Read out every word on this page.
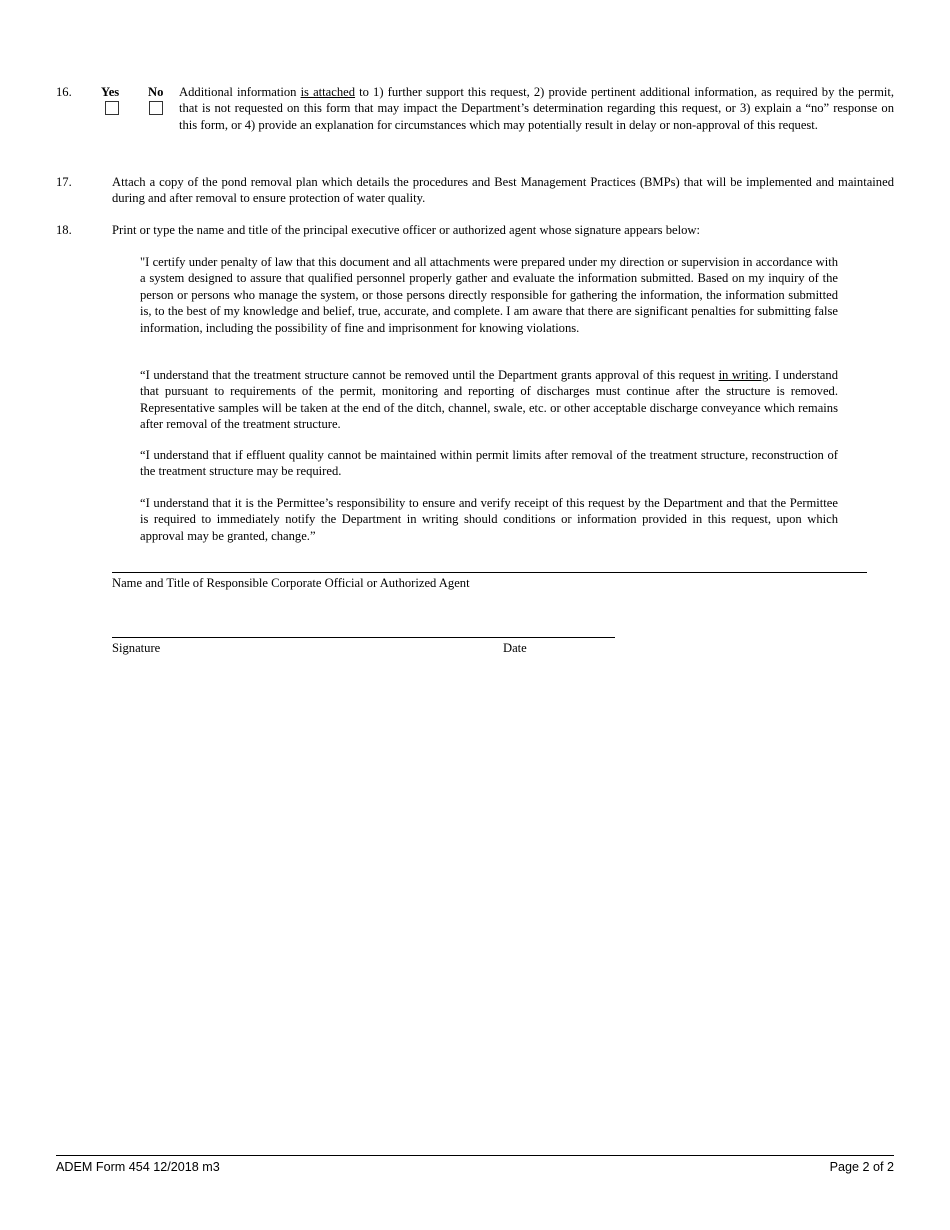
16. Yes No Additional information is attached to 1) further support this request, 2) provide pertinent additional information, as required by the permit, that is not requested on this form that may impact the Department’s determination regarding this request, or 3) explain a “no” response on this form, or 4) provide an explanation for circumstances which may potentially result in delay or non-approval of this request.
17.	Attach a copy of the pond removal plan which details the procedures and Best Management Practices (BMPs) that will be implemented and maintained during and after removal to ensure protection of water quality.
18.	Print or type the name and title of the principal executive officer or authorized agent whose signature appears below:
"I certify under penalty of law that this document and all attachments were prepared under my direction or supervision in accordance with a system designed to assure that qualified personnel properly gather and evaluate the information submitted. Based on my inquiry of the person or persons who manage the system, or those persons directly responsible for gathering the information, the information submitted is, to the best of my knowledge and belief, true, accurate, and complete. I am aware that there are significant penalties for submitting false information, including the possibility of fine and imprisonment for knowing violations.
“I understand that the treatment structure cannot be removed until the Department grants approval of this request in writing. I understand that pursuant to requirements of the permit, monitoring and reporting of discharges must continue after the structure is removed. Representative samples will be taken at the end of the ditch, channel, swale, etc. or other acceptable discharge conveyance which remains after removal of the treatment structure.
“I understand that if effluent quality cannot be maintained within permit limits after removal of the treatment structure, reconstruction of the treatment structure may be required.
“I understand that it is the Permittee’s responsibility to ensure and verify receipt of this request by the Department and that the Permittee is required to immediately notify the Department in writing should conditions or information provided in this request, upon which approval may be granted, change.”
Name and Title of Responsible Corporate Official or Authorized Agent
Signature	Date
ADEM Form 454 12/2018 m3	Page 2 of 2
